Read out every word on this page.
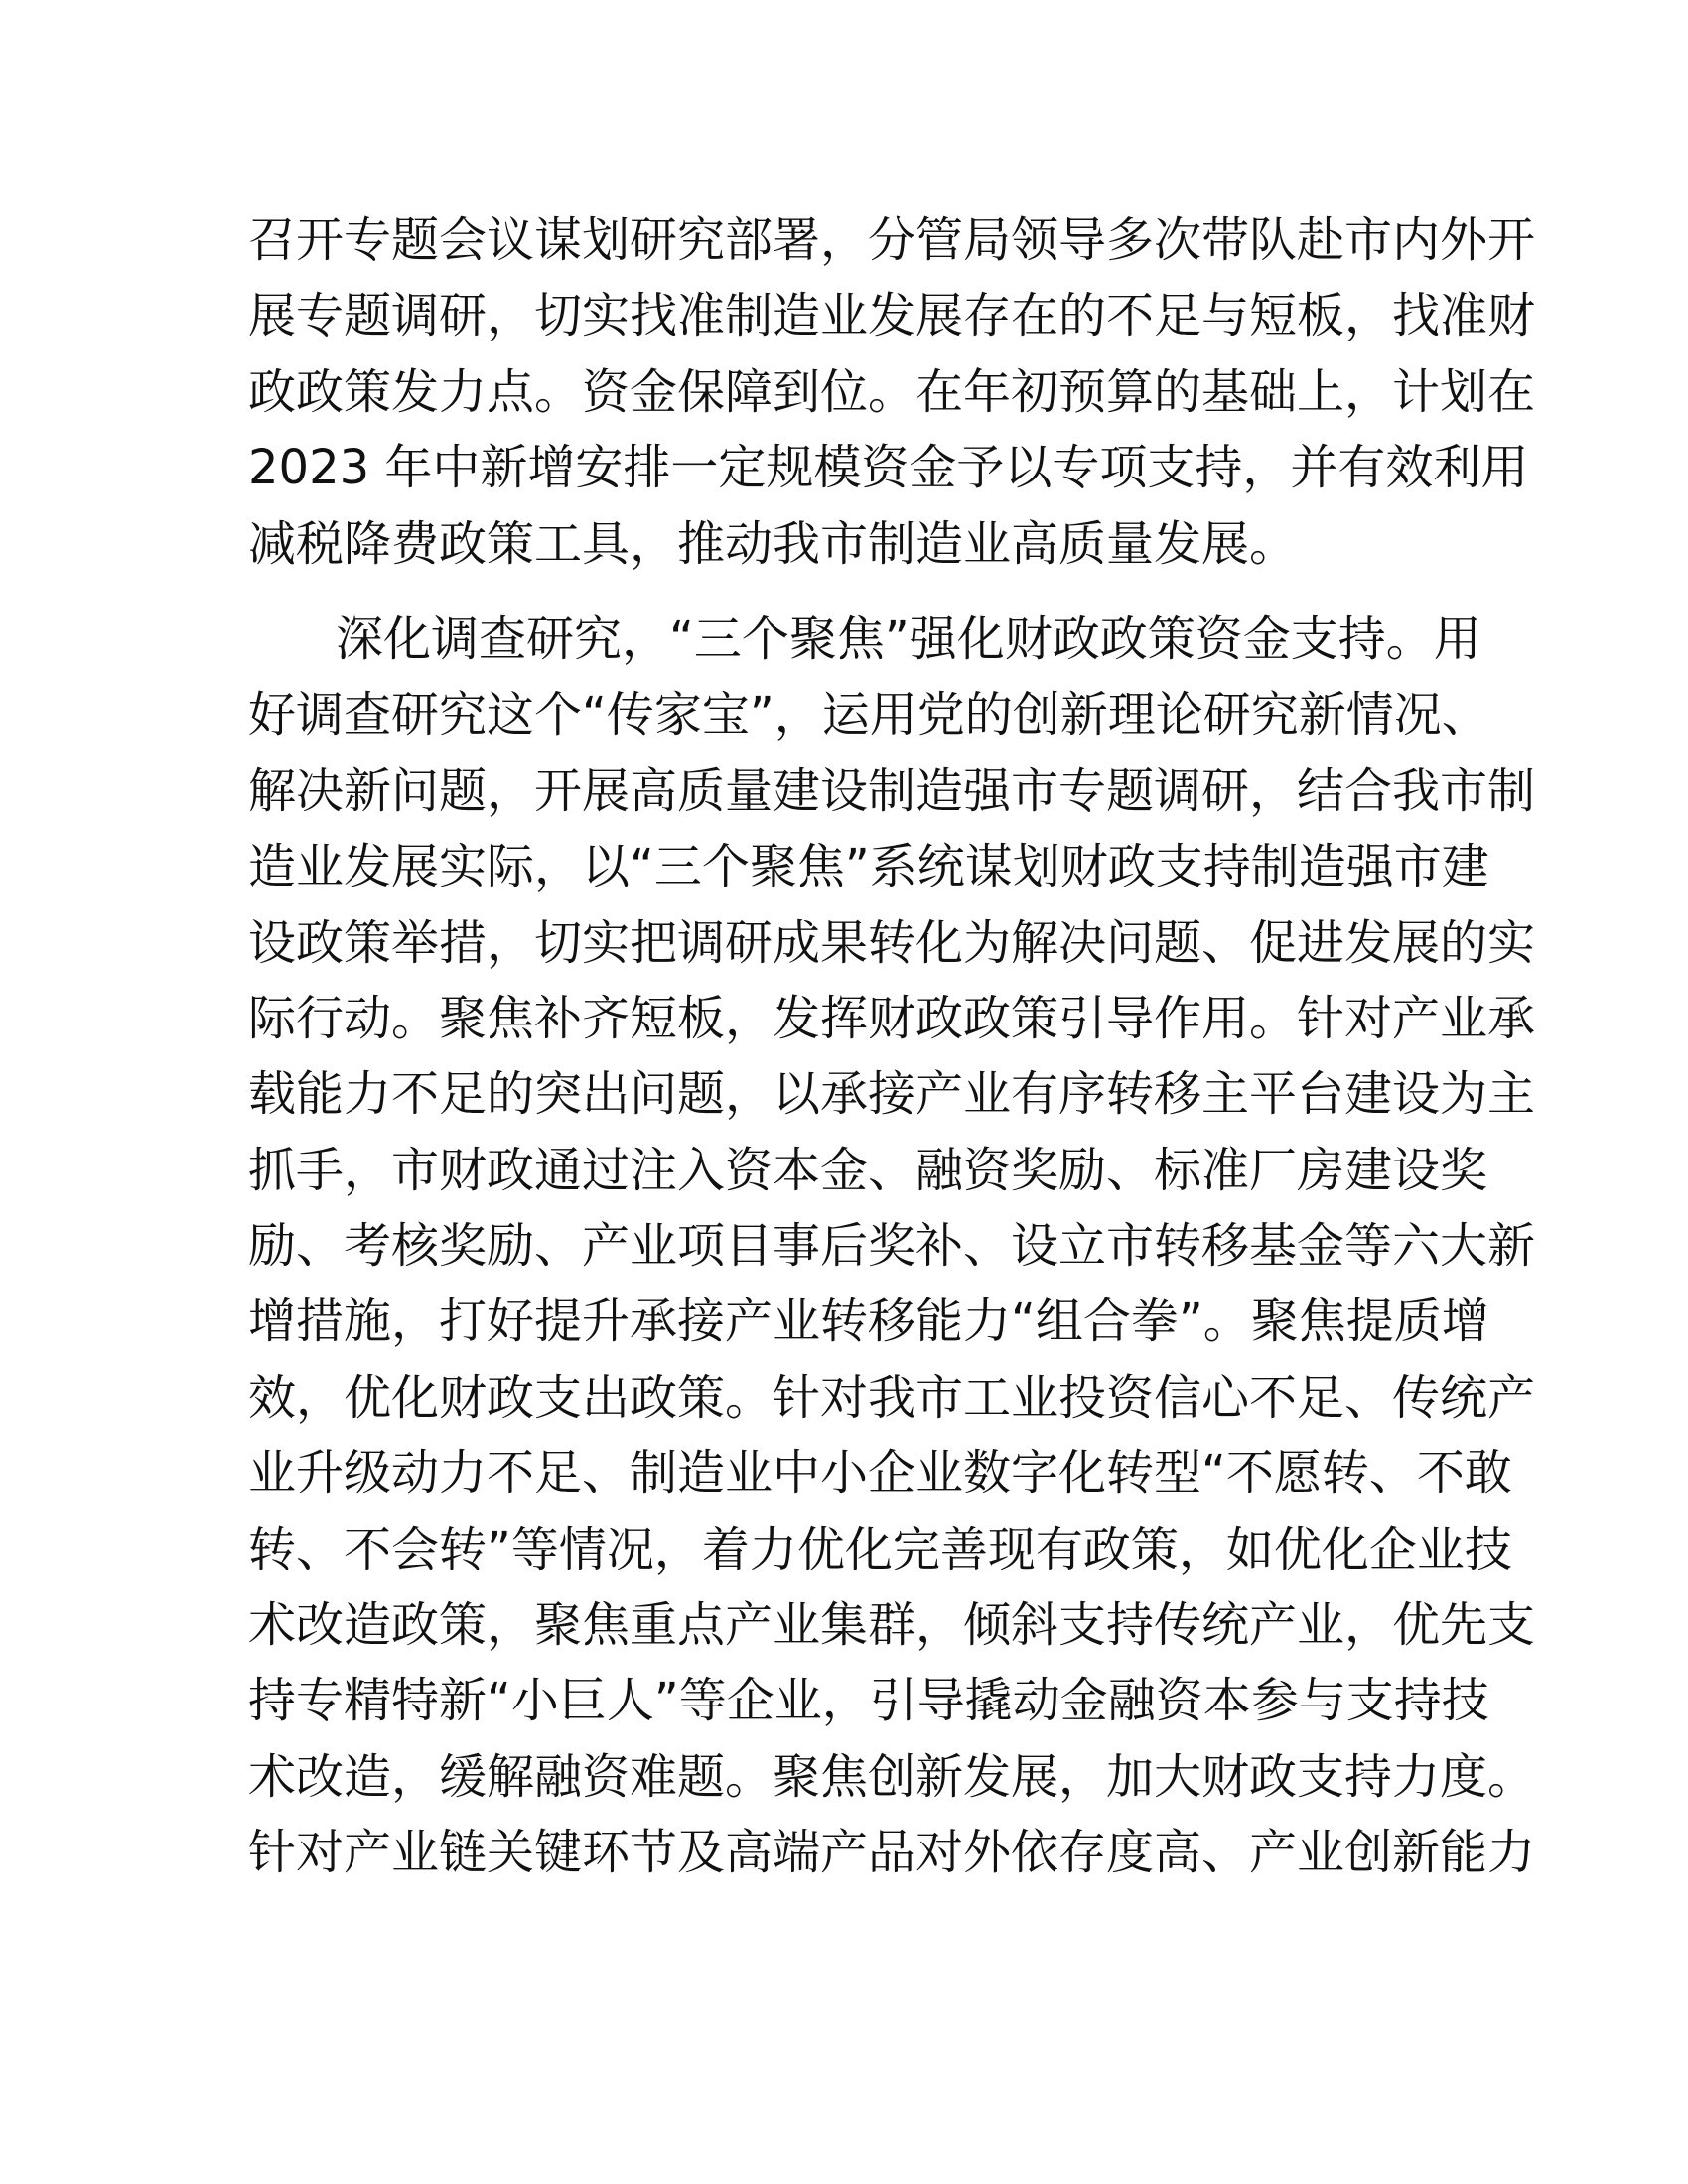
召开专题会议谋划研究部署，分管局领导多次带队赴市内外开
展专题调研，切实找准制造业发展存在的不足与短板，找准财
政政策发力点。资金保障到位。在年初预算的基础上，计划在
2023 年中新增安排一定规模资金予以专项支持，并有效利用
减税降费政策工具，推动我市制造业高质量发展。
深化调查研究，“三个聚焦”强化财政政策资金支持。用
好调查研究这个“传家宝”，运用党的创新理论研究新情况、
解决新问题，开展高质量建设制造强市专题调研，结合我市制
造业发展实际，以“三个聚焦”系统谋划财政支持制造强市建
设政策举措，切实把调研成果转化为解决问题、促进发展的实
际行动。聚焦补齐短板，发挥财政政策引导作用。针对产业承
载能力不足的突出问题，以承接产业有序转移主平台建设为主
抓手，市财政通过注入资本金、融资奖励、标准厂房建设奖
励、考核奖励、产业项目事后奖补、设立市转移基金等六大新
增措施，打好提升承接产业转移能力“组合拳”。聚焦提质增
效，优化财政支出政策。针对我市工业投资信心不足、传统产
业升级动力不足、制造业中小企业数字化转型“不愿转、不敢
转、不会转”等情况，着力优化完善现有政策，如优化企业技
术改造政策，聚焦重点产业集群，倾斜支持传统产业，优先支
持专精特新“小巨人”等企业，引导撬动金融资本参与支持技
术改造，缓解融资难题。聚焦创新发展，加大财政支持力度。
针对产业链关键环节及高端产品对外依存度高、产业创新能力
